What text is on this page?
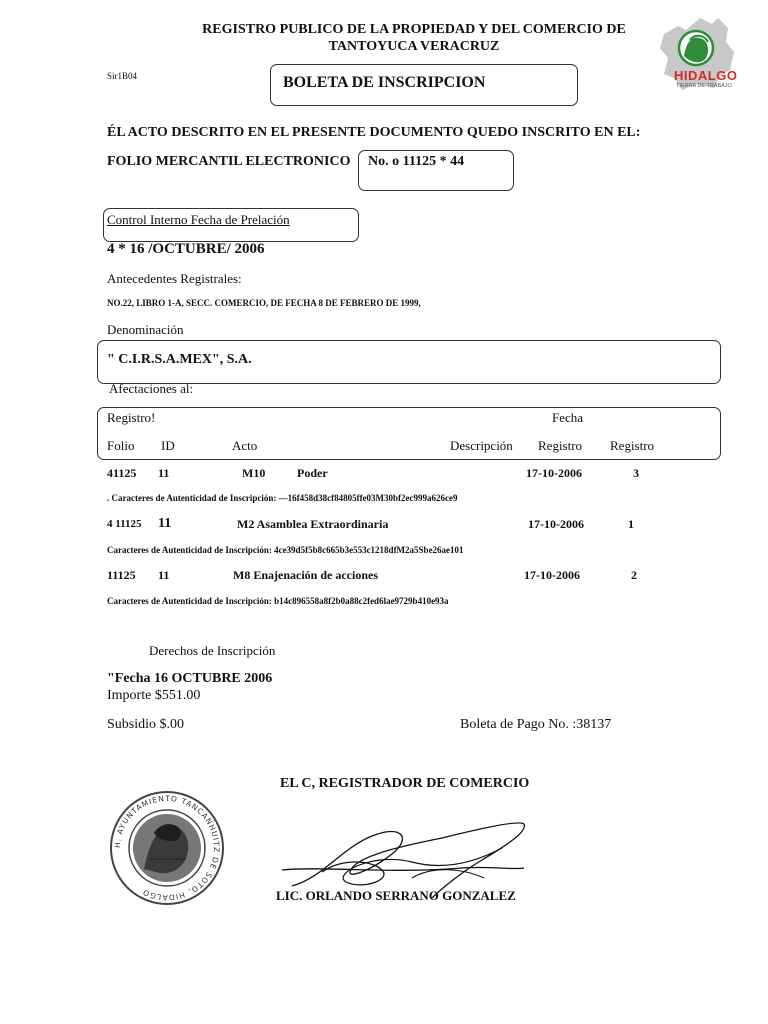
REGISTRO PUBLICO DE LA PROPIEDAD Y DEL COMERCIO DE
TANTOYUCA VERACRUZ
Sir1B04	BOLETA DE INSCRIPCION	HIDALGO
TIERRA DE TRABAJO
ÉL ACTO DESCRITO EN EL PRESENTE DOCUMENTO QUEDO INSCRITO EN EL:
FOLIO MERCANTIL ELECTRONICO No. o 11125 * 44
Control Interno Fecha de Prelación
4 * 16 /OCTUBRE/ 2006
Antecedentes Registrales:
NO.22, LIBRO 1-A, SECC. COMERCIO, DE FECHA 8 DE FEBRERO DE 1999,
Denominación
" C.I.R.S.A.MEX", S.A.
Afectaciones al:
Registro!	Fecha
Folio ID	Acto	Descripción Registro Registro
41125 11	M10	Poder	17-10-2006	3
. Caracteres de Autenticidad de Inscripción: —16f458d38cf84805ffe03M30bf2ec999a626ce9
4 11125 11	M2 Asamblea Extraordinaria	17-10-2006	1
Caracteres de Autenticidad de Inscripción: 4ce39d5f5b8c665b3e553c1218dfM2a5Sbe26ae101
11125 11	M8 Enajenación de acciones	17-10-2006	2
Caracteres de Autenticidad de Inscripción: b14c896558a8f2b0a88c2fed6lae9729b410e93a
Derechos de Inscripción
"Fecha 16 OCTUBRE 2006
Importe $551.00
Subsidio $.00	Boleta de Pago No. :38137
EL C, REGISTRADOR DE COMERCIO
H. AYUNTAMIENTO TANCANHUITZ DE SOTO, HIDALGO	LIC. ORLANDO SERRANO GONZALEZ
